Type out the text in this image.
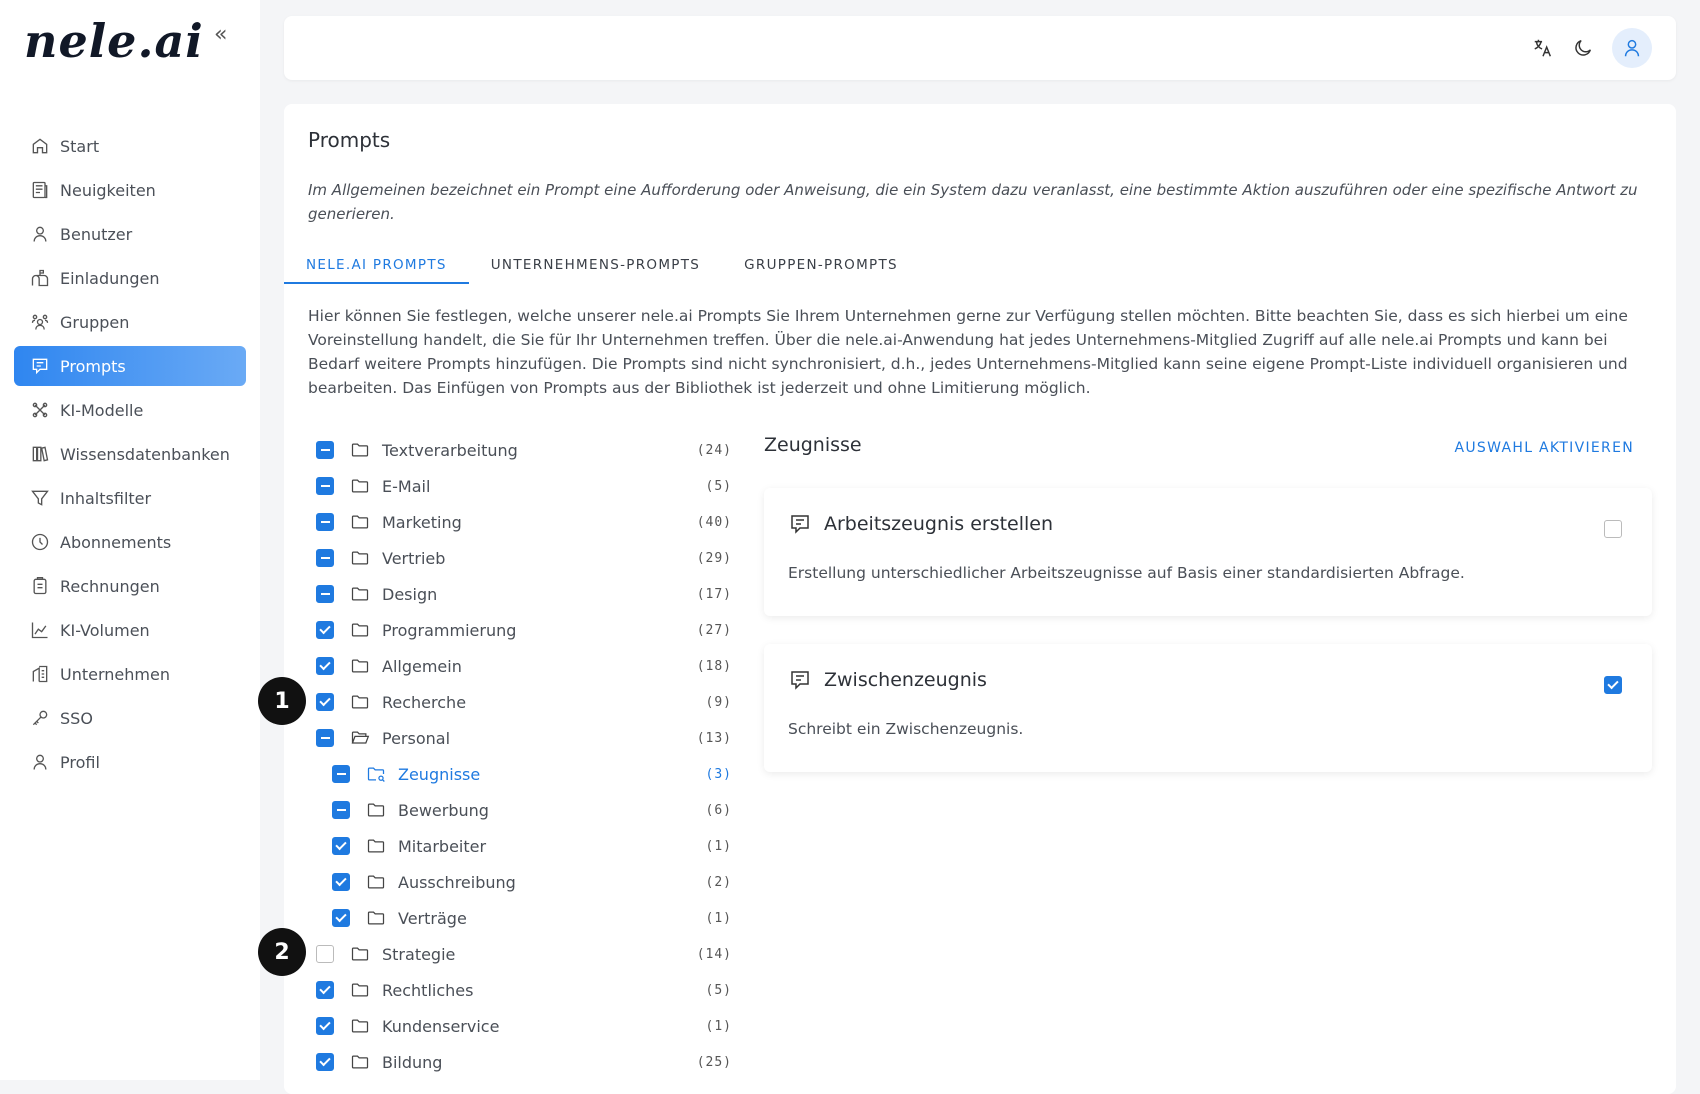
nele.ai «
Start
Neuigkeiten
Benutzer
Einladungen
Gruppen
Prompts
KI-Modelle
Wissensdatenbanken
Inhaltsfilter
Abonnements
Rechnungen
KI-Volumen
Unternehmen
SSO
Profil
Prompts
Im Allgemeinen bezeichnet ein Prompt eine Aufforderung oder Anweisung, die ein System dazu veranlasst, eine bestimmte Aktion auszuführen oder eine spezifische Antwort zu generieren.
NELE.AI PROMPTS	UNTERNEHMENS-PROMPTS	GRUPPEN-PROMPTS
Hier können Sie festlegen, welche unserer nele.ai Prompts Sie Ihrem Unternehmen gerne zur Verfügung stellen möchten. Bitte beachten Sie, dass es sich hierbei um eine Voreinstellung handelt, die Sie für Ihr Unternehmen treffen. Über die nele.ai-Anwendung hat jedes Unternehmens-Mitglied Zugriff auf alle nele.ai Prompts und kann bei Bedarf weitere Prompts hinzufügen. Die Prompts sind nicht synchronisiert, d.h., jedes Unternehmens-Mitglied kann seine eigene Prompt-Liste individuell organisieren und bearbeiten. Das Einfügen von Prompts aus der Bibliothek ist jederzeit und ohne Limitierung möglich.
Textverarbeitung	(24)
E-Mail	(5)
Marketing	(40)
Vertrieb	(29)
Design	(17)
Programmierung	(27)
Allgemein	(18)
Recherche	(9)
Personal	(13)
Zeugnisse	(3)
Bewerbung	(6)
Mitarbeiter	(1)
Ausschreibung	(2)
Verträge	(1)
Strategie	(14)
Rechtliches	(5)
Kundenservice	(1)
Bildung	(25)
Zeugnisse	AUSWAHL AKTIVIEREN
Arbeitszeugnis erstellen
Erstellung unterschiedlicher Arbeitszeugnisse auf Basis einer standardisierten Abfrage.
Zwischenzeugnis
Schreibt ein Zwischenzeugnis.
1
2
